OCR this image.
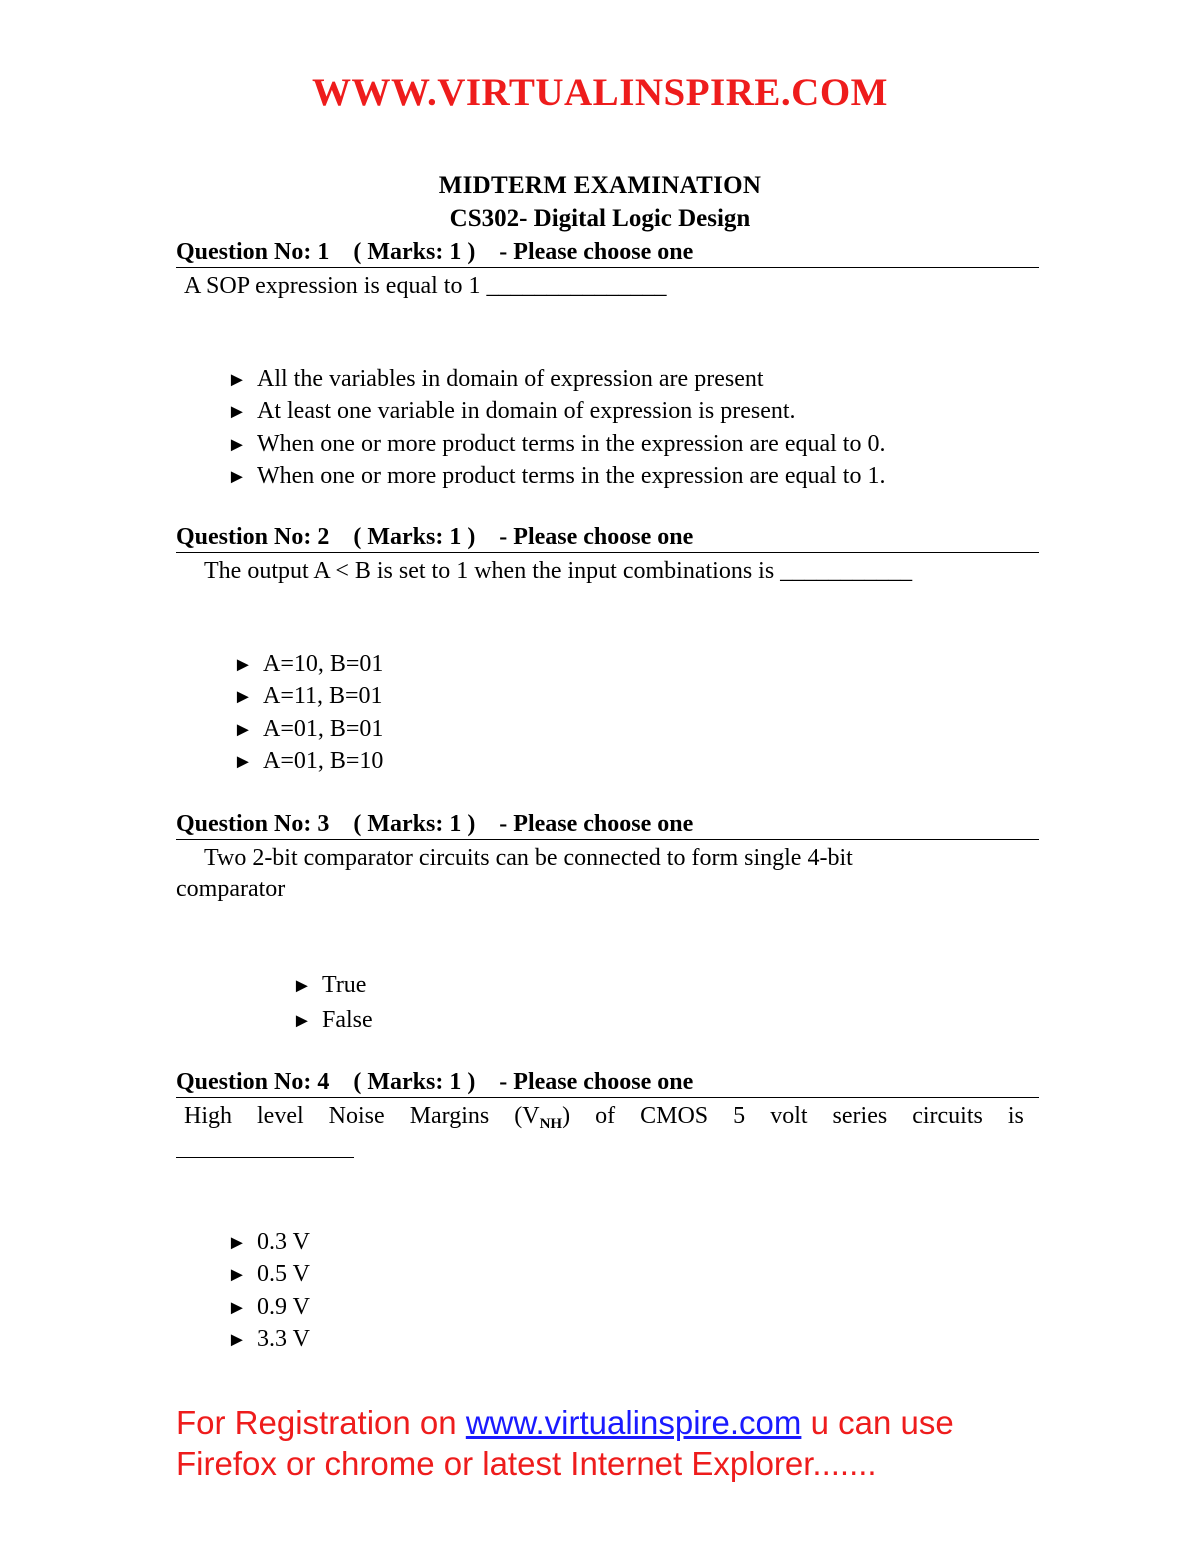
WWW.VIRTUALINSPIRE.COM
MIDTERM EXAMINATION
CS302- Digital Logic Design
Question No: 1    ( Marks: 1 )    - Please choose one
A SOP expression is equal to 1 _______________
► All the variables in domain of expression are present
► At least one variable in domain of expression is present.
► When one or more product terms in the expression are equal to 0.
► When one or more product terms in the expression are equal to 1.
Question No: 2    ( Marks: 1 )    - Please choose one
The output A < B is set to 1 when the input combinations is ___________
► A=10, B=01
► A=11, B=01
► A=01, B=01
► A=01, B=10
Question No: 3    ( Marks: 1 )    - Please choose one
Two 2-bit comparator circuits can be connected to form single 4-bit
comparator
► True
► False
Question No: 4    ( Marks: 1 )    - Please choose one
High level Noise Margins $(V_{NH})$ of CMOS 5 volt series circuits is
► 0.3 V
► 0.5 V
► 0.9 V
► 3.3 V
For Registration on www.virtualinspire.com u can use
Firefox or chrome or latest Internet Explorer.......
